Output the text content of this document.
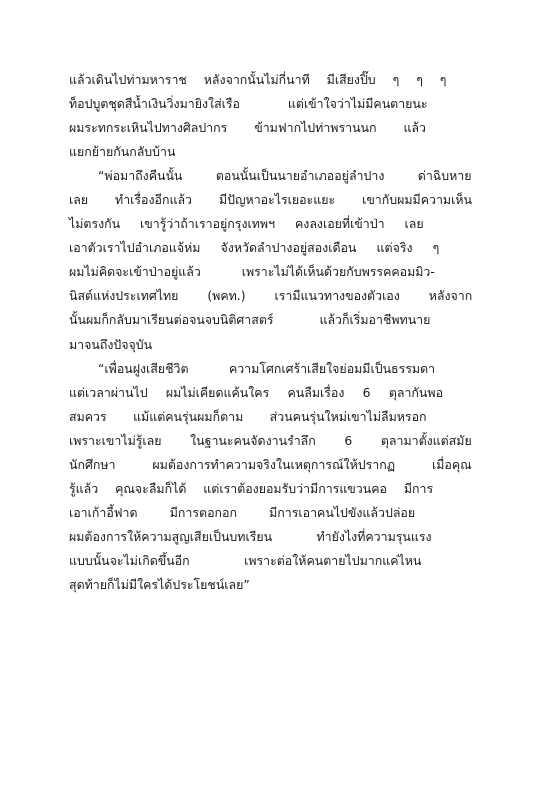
แล้วเดินไปท่ามหาราช หลังจากนั้นไม่กี่นาที มีเสียงปิ๊บ ๆ ๆ ๆ
ท็อปบูตชุดสีน้ำเงินวิ่งมายิงใส่เรือ แต่เข้าใจว่าไม่มีคนตายนะ
ผมระทกระเหินไปทางศิลปากร ข้ามฟากไปท่าพรานนก แล้ว
แยกย้ายกันกลับบ้าน
“พ่อมาถึงคืนนั้น ตอนนั้นเป็นนายอำเภออยู่ลำปาง ด่าฉิบหาย
เลย ทำเรื่องอีกแล้ว มีปัญหาอะไรเยอะแยะ เขากับผมมีความเห็น
ไม่ตรงกัน เขารู้ว่าถ้าเราอยู่กรุงเทพฯ คงลงเอยที่เข้าป่า เลย
เอาตัวเราไปอำเภอแจ้ห่ม จังหวัดลำปางอยู่สองเดือน แต่จริง ๆ
ผมไม่คิดจะเข้าป่าอยู่แล้ว เพราะไม่ได้เห็นด้วยกับพรรคคอมมิว-
นิสต์แห่งประเทศไทย (พคท.) เรามีแนวทางของตัวเอง หลังจาก
นั้นผมก็กลับมาเรียนต่อจนจบนิติศาสตร์ แล้วก็เริ่มอาชีพทนาย
มาจนถึงปัจจุบัน
“เพื่อนฝูงเสียชีวิต ความโศกเศร้าเสียใจย่อมมีเป็นธรรมดา
แต่เวลาผ่านไป ผมไม่เคียดแค้นใคร คนลืมเรื่อง 6 ตุลากันพอ
สมควร แม้แต่คนรุ่นผมก็ตาม ส่วนคนรุ่นใหม่เขาไม่ลืมหรอก
เพราะเขาไม่รู้เลย ในฐานะคนจัดงานรำลึก 6 ตุลามาตั้งแต่สมัย
นักศึกษา ผมต้องการทำความจริงในเหตุการณ์ให้ปรากฏ เมื่อคุณ
รู้แล้ว คุณจะลืมก็ได้ แต่เราต้องยอมรับว่ามีการแขวนคอ มีการ
เอาเก้าอี้ฟาด มีการตอกอก มีการเอาคนไปขังแล้วปล่อย
ผมต้องการให้ความสูญเสียเป็นบทเรียน ทำยังไงที่ความรุนแรง
แบบนั้นจะไม่เกิดขึ้นอีก เพราะต่อให้คนตายไปมากแค่ไหน
สุดท้ายก็ไม่มีใครได้ประโยชน์เลย”
